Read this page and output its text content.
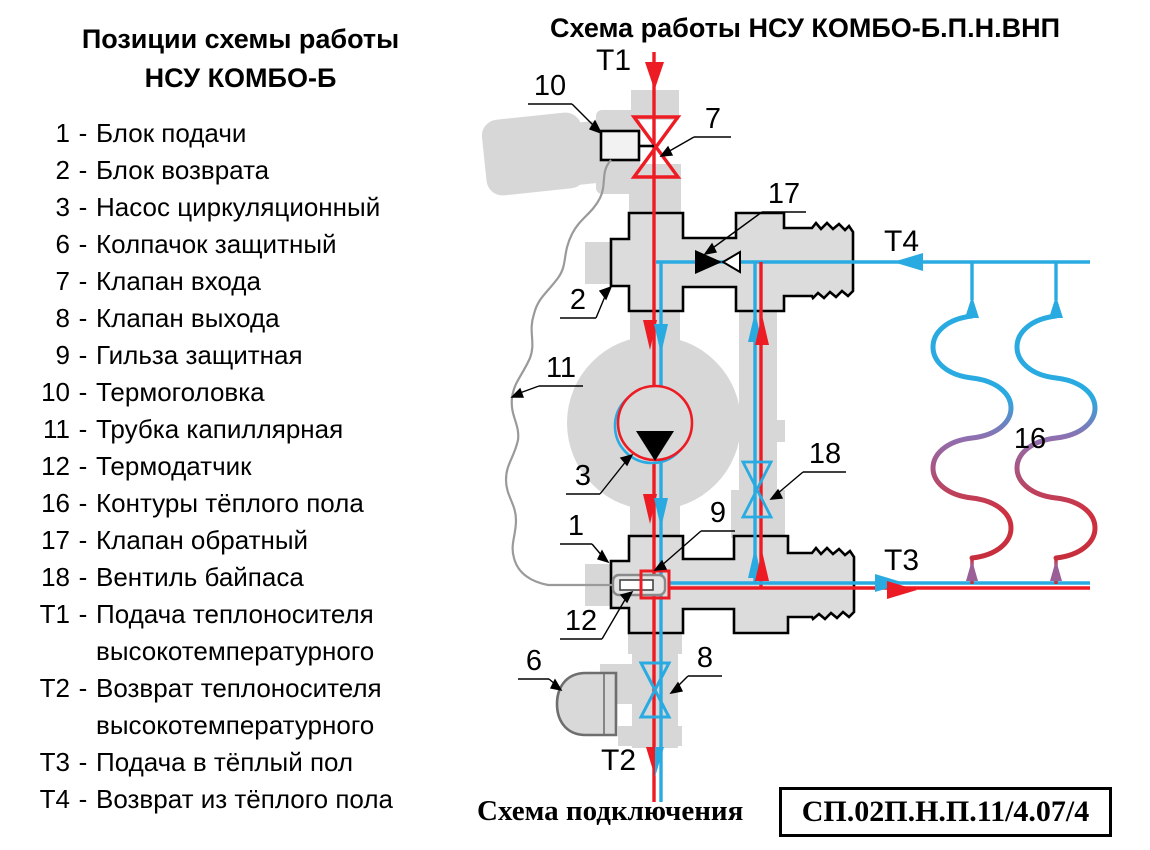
Позиции схемы работы
НСУ КОМБО-Б
1 - Блок подачи
2 - Блок возврата
3 - Насос циркуляционный
6 - Колпачок защитный
7 - Клапан входа
8 - Клапан выхода
9 - Гильза защитная
10 - Термоголовка
11 - Трубка капиллярная
12 - Термодатчик
16 - Контуры тёплого пола
17 - Клапан обратный
18 - Вентиль байпаса
Т1 - Подача теплоносителя
высокотемпературного
Т2 - Возврат теплоносителя
высокотемпературного
Т3 - Подача в тёплый пол
Т4 - Возврат из тёплого пола
Схема работы НСУ КОМБО-Б.П.Н.ВНП
10
7
17
2
11
3
1	9
12
6	8
18	16
Т1
Т2
Т3
Т4
Схема подключения	СП.02П.Н.П.11/4.07/4
